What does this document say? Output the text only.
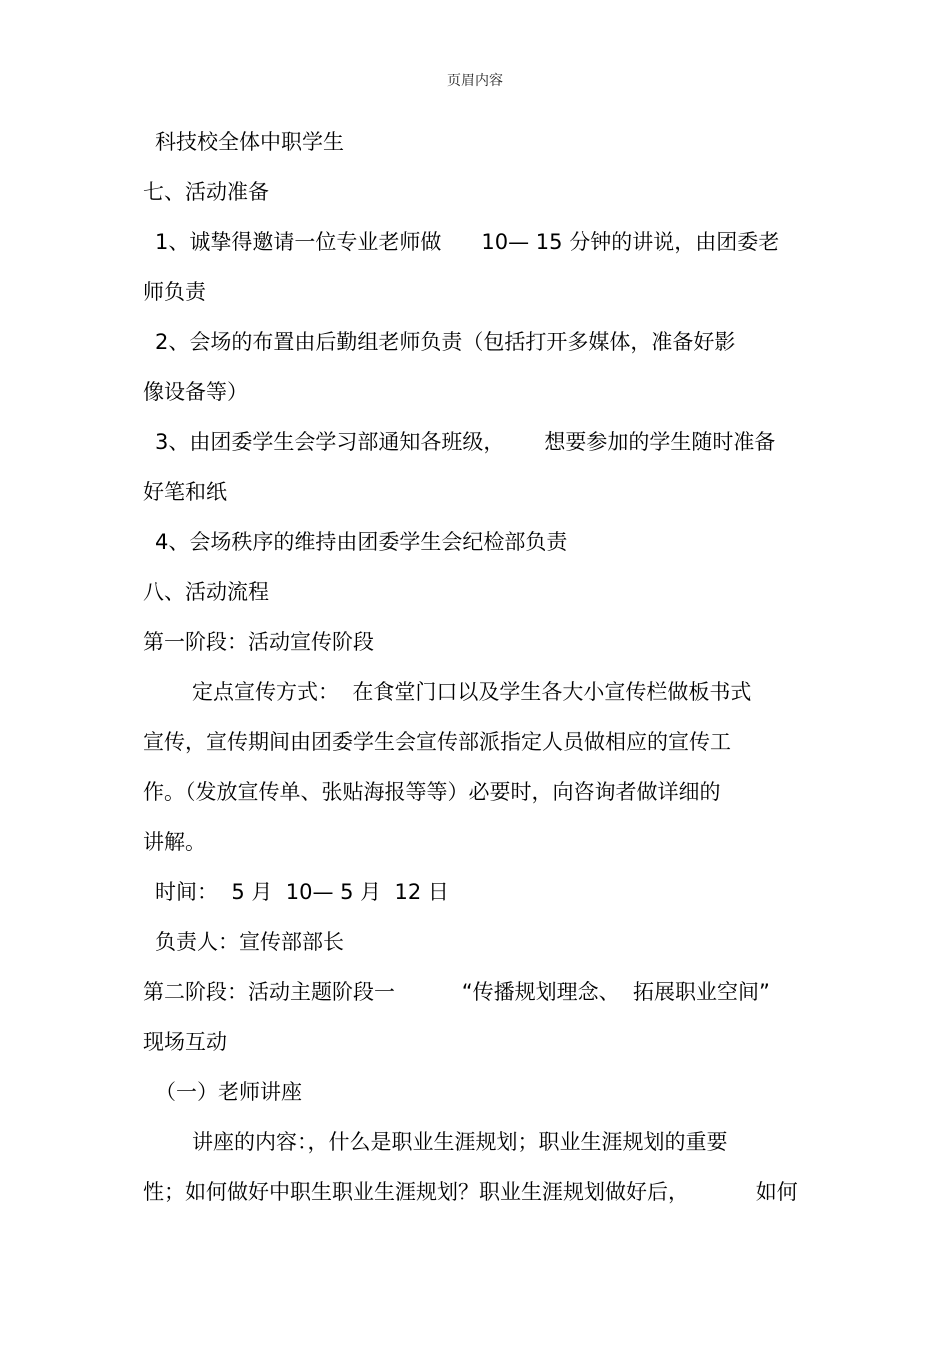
页眉内容
科技校全体中职学生
七、活动准备
1、诚挚得邀请一位专业老师做      10— 15 分钟的讲说，由团委老
师负责
2、会场的布置由后勤组老师负责（包括打开多媒体，准备好影
像设备等）
3、由团委学生会学习部通知各班级，      想要参加的学生随时准备
好笔和纸
4、会场秩序的维持由团委学生会纪检部负责
八、活动流程
第一阶段：活动宣传阶段
定点宣传方式：  在食堂门口以及学生各大小宣传栏做板书式
宣传，宣传期间由团委学生会宣传部派指定人员做相应的宣传工
作。（发放宣传单、张贴海报等等）必要时，向咨询者做详细的
讲解。
时间：  5 月  10— 5 月  12 日
负责人：宣传部部长
第二阶段：活动主题阶段一          “传播规划理念、  拓展职业空间”
现场互动
（一）老师讲座
讲座的内容：，什么是职业生涯规划；职业生涯规划的重要
性；如何做好中职生职业生涯规划？职业生涯规划做好后，          如何
